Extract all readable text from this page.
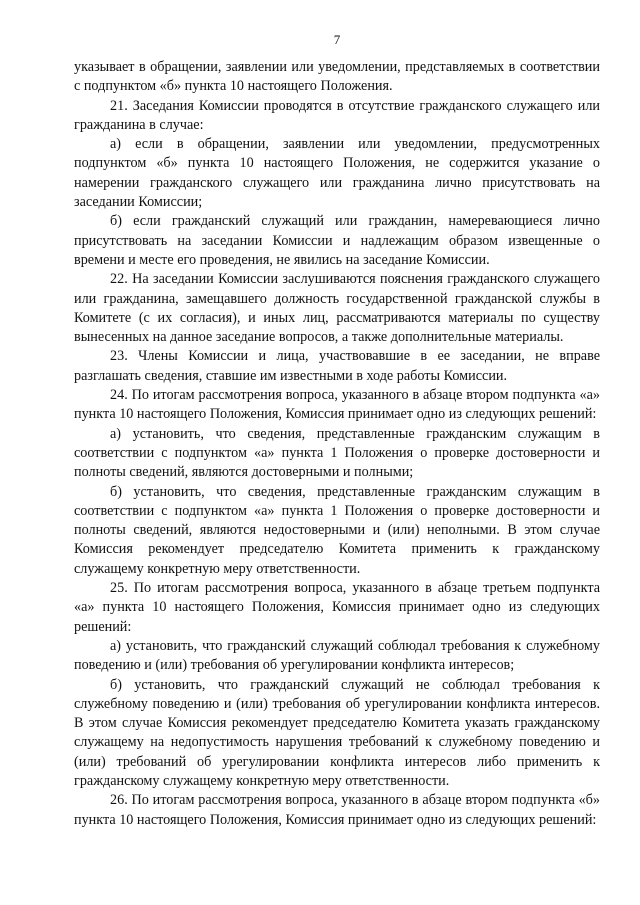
7

указывает в обращении, заявлении или уведомлении, представляемых в соответствии с подпунктом «б» пункта 10 настоящего Положения.

21. Заседания Комиссии проводятся в отсутствие гражданского служащего или гражданина в случае:

а) если в обращении, заявлении или уведомлении, предусмотренных подпунктом «б» пункта 10 настоящего Положения, не содержится указание о намерении гражданского служащего или гражданина лично присутствовать на заседании Комиссии;

б) если гражданский служащий или гражданин, намеревающиеся лично присутствовать на заседании Комиссии и надлежащим образом извещенные о времени и месте его проведения, не явились на заседание Комиссии.

22. На заседании Комиссии заслушиваются пояснения гражданского служащего или гражданина, замещавшего должность государственной гражданской службы в Комитете (с их согласия), и иных лиц, рассматриваются материалы по существу вынесенных на данное заседание вопросов, а также дополнительные материалы.

23. Члены Комиссии и лица, участвовавшие в ее заседании, не вправе разглашать сведения, ставшие им известными в ходе работы Комиссии.

24. По итогам рассмотрения вопроса, указанного в абзаце втором подпункта «а» пункта 10 настоящего Положения, Комиссия принимает одно из следующих решений:

а) установить, что сведения, представленные гражданским служащим в соответствии с подпунктом «а» пункта 1 Положения о проверке достоверности и полноты сведений, являются достоверными и полными;

б) установить, что сведения, представленные гражданским служащим в соответствии с подпунктом «а» пункта 1 Положения о проверке достоверности и полноты сведений, являются недостоверными и (или) неполными. В этом случае Комиссия рекомендует председателю Комитета применить к гражданскому служащему конкретную меру ответственности.

25. По итогам рассмотрения вопроса, указанного в абзаце третьем подпункта «а» пункта 10 настоящего Положения, Комиссия принимает одно из следующих решений:

а) установить, что гражданский служащий соблюдал требования к служебному поведению и (или) требования об урегулировании конфликта интересов;

б) установить, что гражданский служащий не соблюдал требования к служебному поведению и (или) требования об урегулировании конфликта интересов. В этом случае Комиссия рекомендует председателю Комитета указать гражданскому служащему на недопустимость нарушения требований к служебному поведению и (или) требований об урегулировании конфликта интересов либо применить к гражданскому служащему конкретную меру ответственности.

26. По итогам рассмотрения вопроса, указанного в абзаце втором подпункта «б» пункта 10 настоящего Положения, Комиссия принимает одно из следующих решений:
